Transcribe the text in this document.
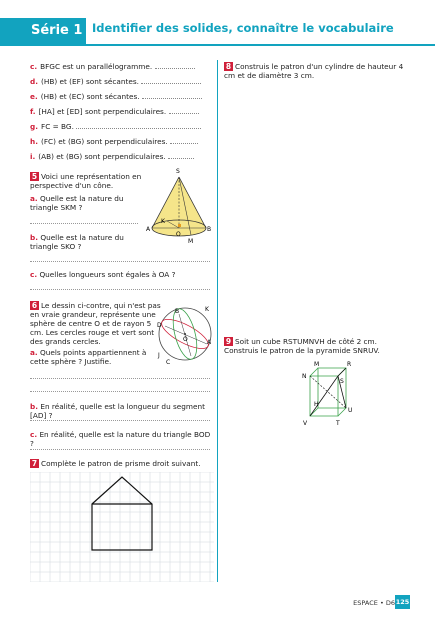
Série 1 Identifier des solides, connaître le vocabulaire
c. BFGC est un parallélogramme.
d. (HB) et (EF) sont sécantes.
e. (HB) et (EC) sont sécantes.
f. [HA] et [ED] sont perpendiculaires.
g. FC = BG.
h. (FC) et (BG) sont perpendiculaires.
i. (AB) et (BG) sont perpendiculaires.
5 Voici une représentation en perspective d'un cône.
a. Quelle est la nature du triangle SKM ?
b. Quelle est la nature du triangle SKO ?
c. Quelles longueurs sont égales à OA ?
S
K
A
O
B
M
6 Le dessin ci-contre, qui n'est pas en vraie grandeur, représente une sphère de centre O et de rayon 5 cm. Les cercles rouge et vert sont des grands cercles.
a. Quels points appartiennent à cette sphère ? Justifie.
b. En réalité, quelle est la longueur du segment [AD] ?
c. En réalité, quelle est la nature du triangle BOD ?
K
B
D
O	A
J
C
7 Complète le patron de prisme droit suivant.
8 Construis le patron d'un cylindre de hauteur 4 cm et de diamètre 3 cm.
9 Soit un cube RSTUMNVH de côté 2 cm. Construis le patron de la pyramide SNRUV.
M	R
N
S
H
U
V	T
ESPACE • D6 125
